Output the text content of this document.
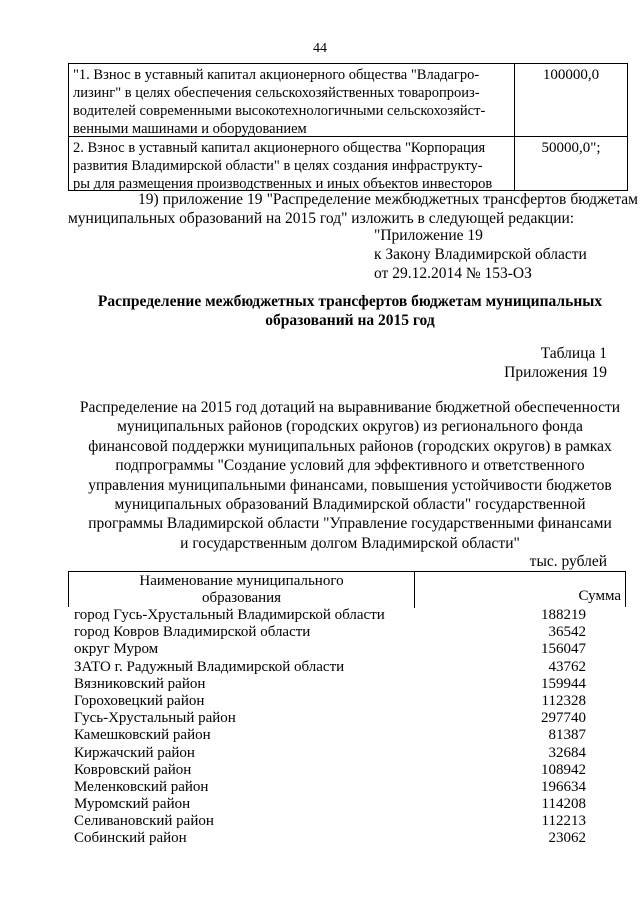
44
"1. Взнос в уставный капитал акционерного общества "Владагро-
лизинг" в целях обеспечения сельскохозяйственных товаропроиз-
водителей современными высокотехнологичными сельскохозяйст-
венными машинами и оборудованием
100000,0
2. Взнос в уставный капитал акционерного общества "Корпорация
развития Владимирской области" в целях создания инфраструкту-
ры для размещения производственных и иных объектов инвесторов
50000,0";
19) приложение 19 "Распределение межбюджетных трансфертов бюджетам муниципальных образований на 2015 год" изложить в следующей редакции:
"Приложение 19
к Закону Владимирской области
от 29.12.2014 № 153-ОЗ
Распределение межбюджетных трансфертов бюджетам муниципальных
образований на 2015 год
Таблица 1
Приложения 19
Распределение на 2015 год дотаций на выравнивание бюджетной обеспеченности
муниципальных районов (городских округов) из регионального фонда
финансовой поддержки муниципальных районов (городских округов) в рамках
подпрограммы "Создание условий для эффективного и ответственного
управления муниципальными финансами, повышения устойчивости бюджетов
муниципальных образований Владимирской области" государственной
программы Владимирской области "Управление государственными финансами
и государственным долгом Владимирской области"
тыс. рублей
Наименование муниципального
образования	Сумма
город Гусь-Хрустальный Владимирской области	188219
город Ковров Владимирской области	36542
округ Муром	156047
ЗАТО г. Радужный Владимирской области	43762
Вязниковский район	159944
Гороховецкий район	112328
Гусь-Хрустальный район	297740
Камешковский район	81387
Киржачский район	32684
Ковровский район	108942
Меленковский район	196634
Муромский район	114208
Селивановский район	112213
Собинский район	23062
